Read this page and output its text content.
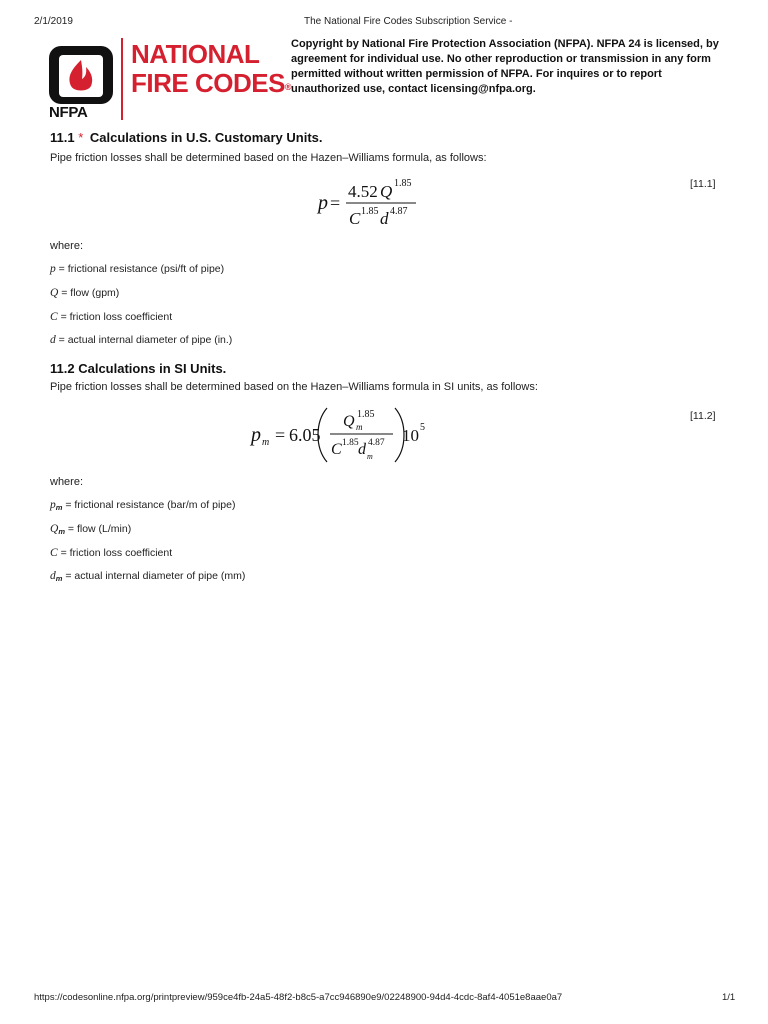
2/1/2019	The National Fire Codes Subscription Service -
NFPA
NATIONAL
FIRE CODES®
Copyright by National Fire Protection Association (NFPA). NFPA 24 is licensed, by agreement for individual use. No other reproduction or transmission in any form permitted without written permission of NFPA. For inquires or to report unauthorized use, contact licensing@nfpa.org.
11.1 * Calculations in U.S. Customary Units.
Pipe friction losses shall be determined based on the Hazen–Williams formula, as follows:
p =
4.52 Q 1.85
C 1.85 d 4.87
[11.1]
where:
p = frictional resistance (psi/ft of pipe)
Q = flow (gpm)
C = friction loss coefficient
d = actual internal diameter of pipe (in.)
11.2 Calculations in SI Units.
Pipe friction losses shall be determined based on the Hazen–Williams formula in SI units, as follows:
p m = 6.05
Q m
1.85
C 1.85 d m
4.87 10 5
[11.2]
where:
$p_m$ = frictional resistance (bar/m of pipe)
$Q_m$ = flow (L/min)
C = friction loss coefficient
$d_m$ = actual internal diameter of pipe (mm)
https://codesonline.nfpa.org/printpreview/959ce4fb-24a5-48f2-b8c5-a7cc946890e9/02248900-94d4-4cdc-8af4-4051e8aae0a7	1/1
